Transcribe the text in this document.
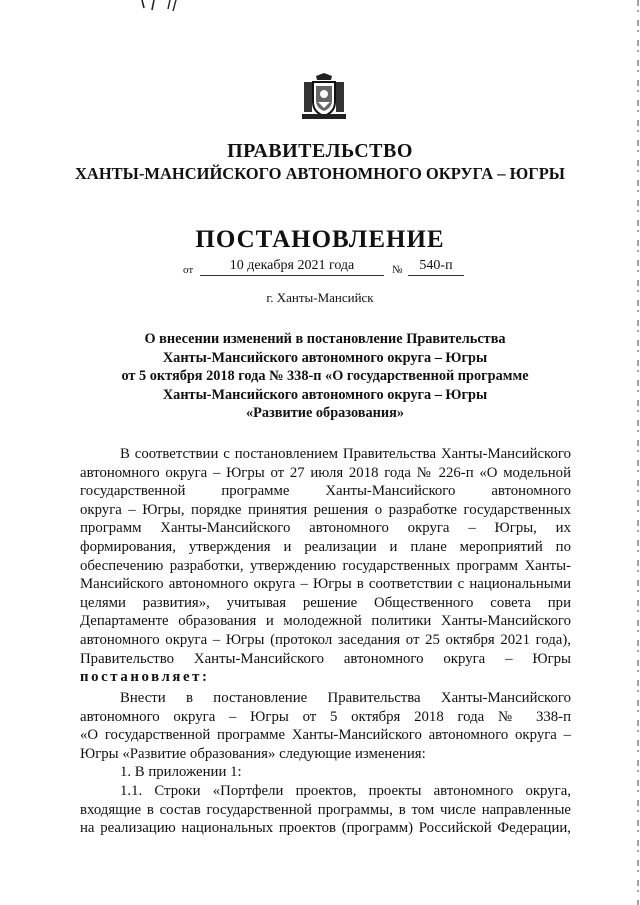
ПРАВИТЕЛЬСТВО
ХАНТЫ-МАНСИЙСКОГО АВТОНОМНОГО ОКРУГА – ЮГРЫ
ПОСТАНОВЛЕНИЕ
от	10 декабря 2021 года	№	540-п
г. Ханты-Мансийск
О внесении изменений в постановление Правительства
Ханты-Мансийского автономного округа – Югры
от 5 октября 2018 года № 338-п «О государственной программе
Ханты-Мансийского автономного округа – Югры
«Развитие образования»

В соответствии с постановлением Правительства Ханты-Мансийского

автономного округа – Югры от 27 июля 2018 года № 226-п «О модельной

государственной программе Ханты-Мансийского автономного

округа – Югры, порядке принятия решения о разработке государственных

программ Ханты-Мансийского автономного округа – Югры, их

формирования, утверждения и реализации и плане мероприятий по

обеспечению разработки, утверждению государственных программ Ханты-

Мансийского автономного округа – Югры в соответствии с национальными

целями развития», учитывая решение Общественного совета при

Департаменте образования и молодежной политики Ханты-Мансийского

автономного округа – Югры (протокол заседания от 25 октября 2021 года),

Правительство Ханты-Мансийского автономного округа – Югры

постановляет:

Внести в постановление Правительства Ханты-Мансийского

автономного округа – Югры от 5 октября 2018 года № 338-п

«О государственной программе Ханты-Мансийского автономного округа –

Югры «Развитие образования» следующие изменения:

1. В приложении 1:

1.1. Строки «Портфели проектов, проекты автономного округа,

входящие в состав государственной программы, в том числе направленные

на реализацию национальных проектов (программ) Российской Федерации,
